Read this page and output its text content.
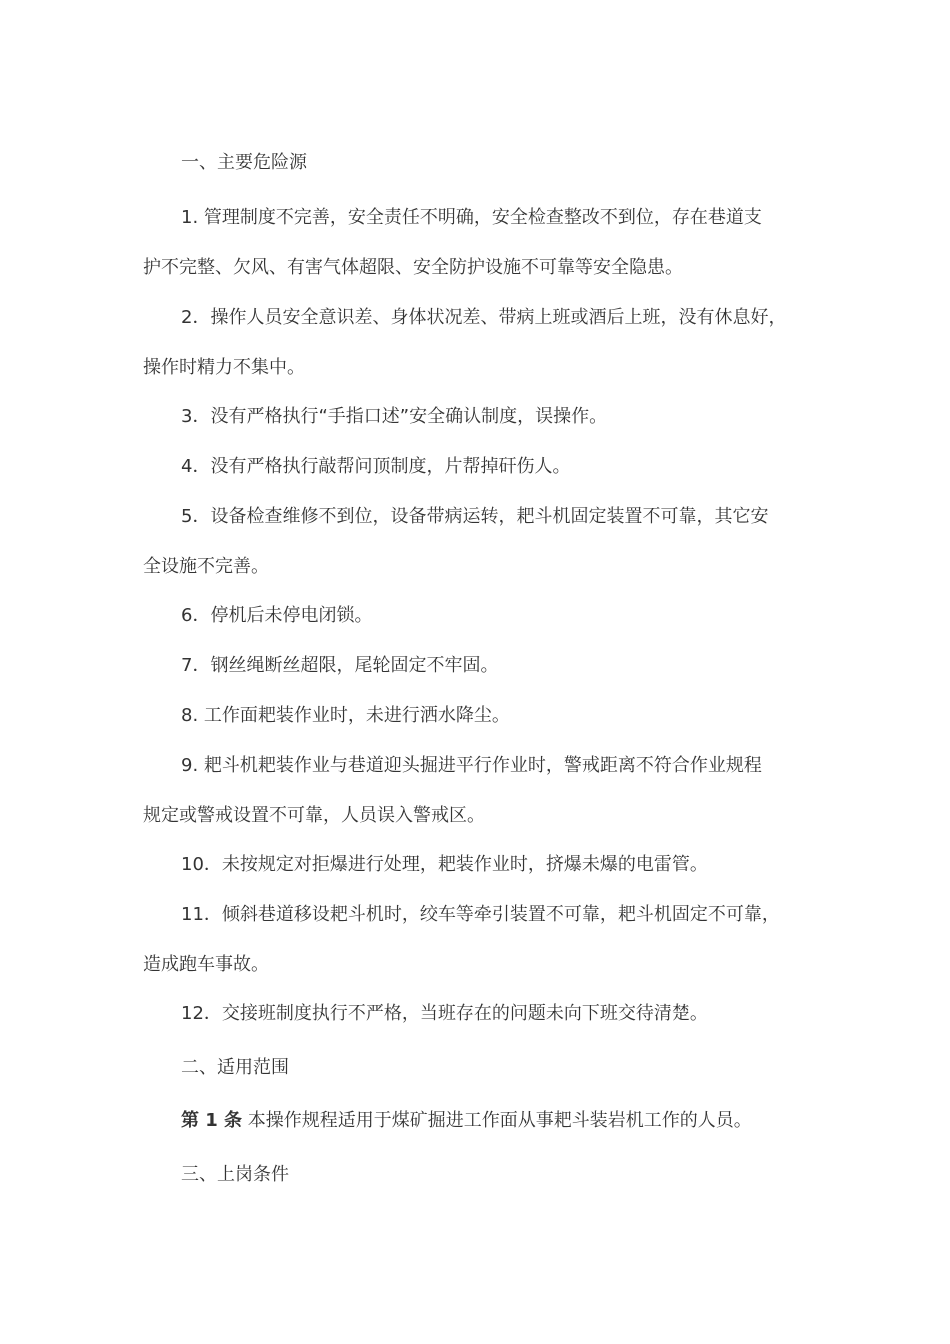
一、主要危险源
1. 管理制度不完善，安全责任不明确，安全检查整改不到位，存在巷道支
护不完整、欠风、有害气体超限、安全防护设施不可靠等安全隐患。
2．操作人员安全意识差、身体状况差、带病上班或酒后上班，没有休息好，
操作时精力不集中。
3．没有严格执行“手指口述”安全确认制度，误操作。
4．没有严格执行敲帮问顶制度，片帮掉矸伤人。
5．设备检查维修不到位，设备带病运转，耙斗机固定装置不可靠，其它安
全设施不完善。
6．停机后未停电闭锁。
7．钢丝绳断丝超限，尾轮固定不牢固。
8. 工作面耙装作业时，未进行洒水降尘。
9. 耙斗机耙装作业与巷道迎头掘进平行作业时，警戒距离不符合作业规程
规定或警戒设置不可靠，人员误入警戒区。
10．未按规定对拒爆进行处理，耙装作业时，挤爆未爆的电雷管。
11．倾斜巷道移设耙斗机时，绞车等牵引装置不可靠，耙斗机固定不可靠，
造成跑车事故。
12．交接班制度执行不严格，当班存在的问题未向下班交待清楚。
二、适用范围
第 1 条 本操作规程适用于煤矿掘进工作面从事耙斗装岩机工作的人员。
三、上岗条件
